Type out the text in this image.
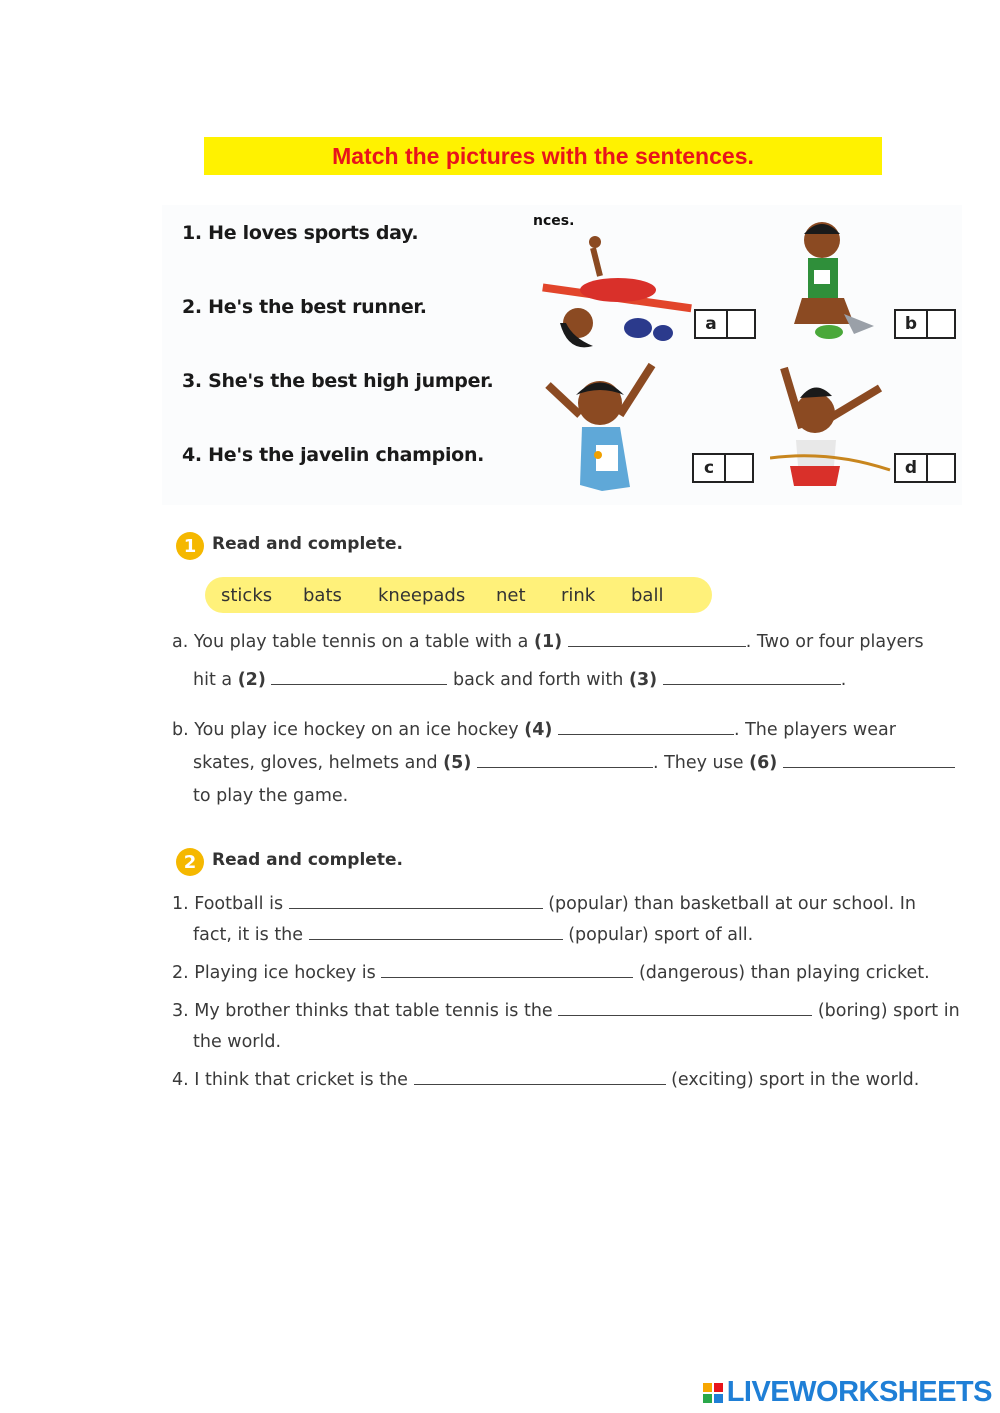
Match the pictures with the sentences.
1. He loves sports day.
2. He's the best runner.
3. She's the best high jumper.
4. He's the javelin champion.
nces.
a	b
c	d
1 Read and complete.
sticks bats kneepads net rink ball
a. You play table tennis on a table with a (1)	. Two or four players
hit a (2)	back and forth with (3)	.
b. You play ice hockey on an ice hockey (4)	. The players wear
skates, gloves, helmets and (5)	. They use (6)
to play the game.
2 Read and complete.
1. Football is	(popular) than basketball at our school. In
fact, it is the	(popular) sport of all.
2. Playing ice hockey is	(dangerous) than playing cricket.
3. My brother thinks that table tennis is the	(boring) sport in
the world.
4. I think that cricket is the	(exciting) sport in the world.
LIVEWORKSHEETS
